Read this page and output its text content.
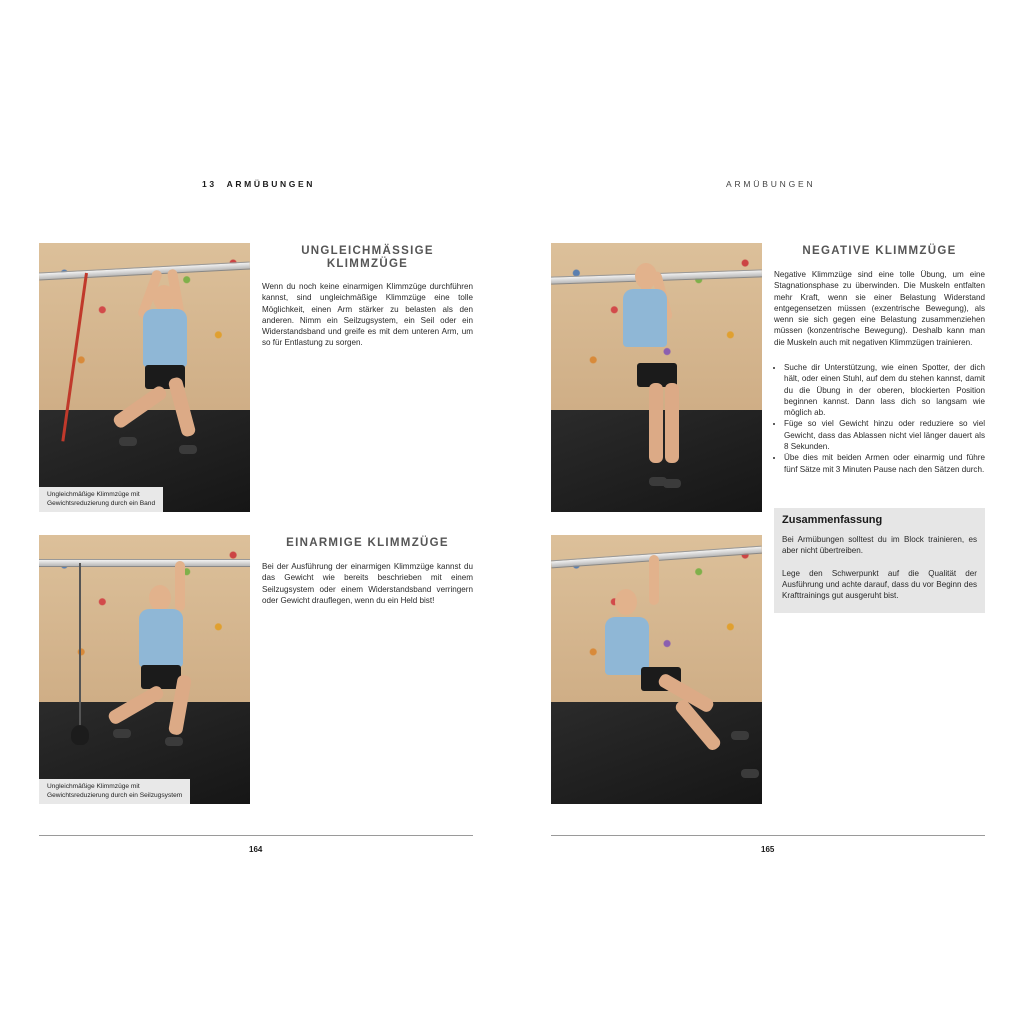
13 ARMÜBUNGEN
Ungleichmäßige Klimmzüge mit
Gewichtsreduzierung durch ein Band
UNGLEICHMÄSSIGE
KLIMMZÜGE
Wenn du noch keine einarmigen Klimmzüge durchführen kannst, sind ungleichmäßige Klimmzüge eine tolle Möglichkeit, einen Arm stärker zu belasten als den anderen. Nimm ein Seilzugsystem, ein Seil oder ein Widerstandsband und greife es mit dem unteren Arm, um so für Entlastung zu sorgen.
Ungleichmäßige Klimmzüge mit
Gewichtsreduzierung durch ein Seilzugsystem
EINARMIGE KLIMMZÜGE
Bei der Ausführung der einarmigen Klimmzüge kannst du das Gewicht wie bereits beschrieben mit einem Seilzugsystem oder einem Widerstandsband verringern oder Gewicht drauflegen, wenn du ein Held bist!
164
ARMÜBUNGEN
NEGATIVE KLIMMZÜGE
Negative Klimmzüge sind eine tolle Übung, um eine Stagnationsphase zu überwinden. Die Muskeln entfalten mehr Kraft, wenn sie einer Belastung Widerstand entgegensetzen müssen (exzentrische Bewegung), als wenn sie sich gegen eine Belastung zusammenziehen müssen (konzentrische Bewegung). Deshalb kann man die Muskeln auch mit negativen Klimmzügen trainieren.
• Suche dir Unterstützung, wie einen Spotter, der dich hält, oder einen Stuhl, auf dem du stehen kannst, damit du die Übung in der oberen, blockierten Position beginnen kannst. Dann lass dich so langsam wie möglich ab.
• Füge so viel Gewicht hinzu oder reduziere so viel Gewicht, dass das Ablassen nicht viel länger dauert als 8 Sekunden.
• Übe dies mit beiden Armen oder einarmig und führe fünf Sätze mit 3 Minuten Pause nach den Sätzen durch.
Zusammenfassung
Bei Armübungen solltest du im Block trainieren, es aber nicht übertreiben.
Lege den Schwerpunkt auf die Qualität der Ausführung und achte darauf, dass du vor Beginn des Krafttrainings gut ausgeruht bist.
165
